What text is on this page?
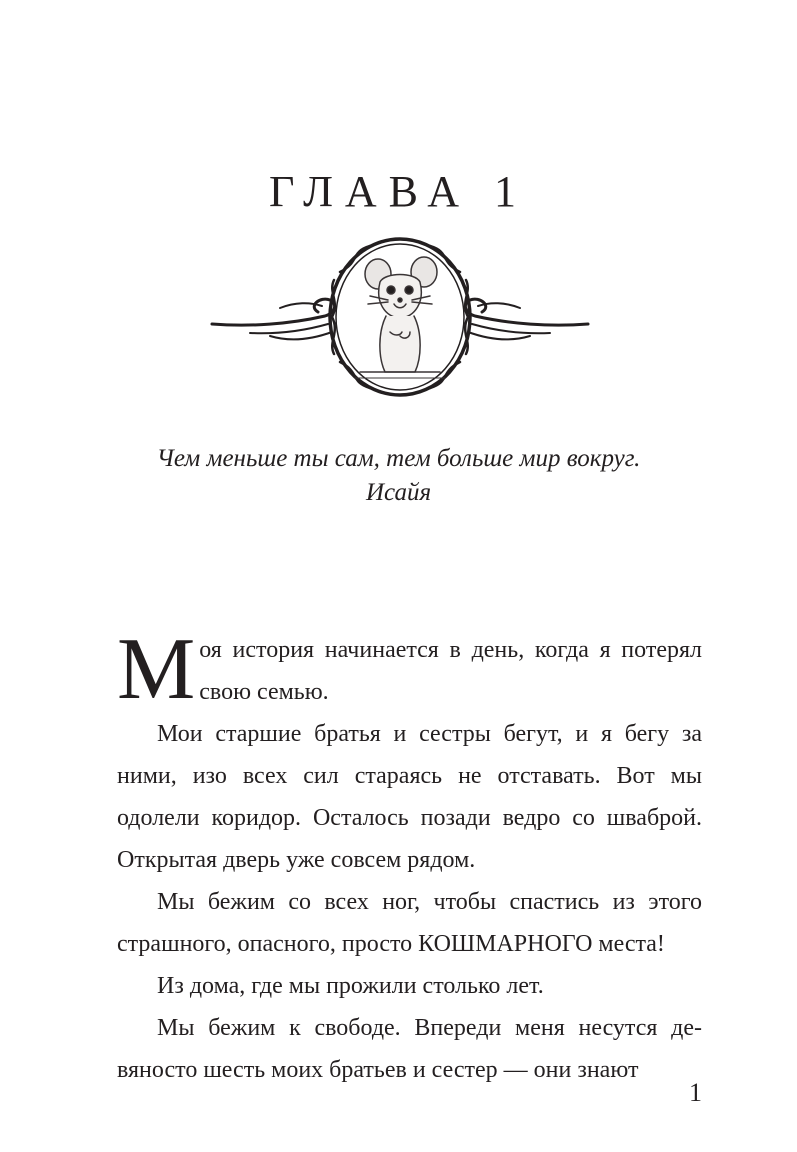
ГЛАВА 1
Чем меньше ты сам, тем больше мир вокруг.
Исайя

Моя история начинается в день, когда я потерял свою семью.

Мои старшие братья и сестры бегут, и я бегу за ними, изо всех сил стараясь не отставать. Вот мы одолели коридор. Осталось позади ведро со шваброй. Открытая дверь уже совсем рядом.

Мы бежим со всех ног, чтобы спастись из этого страшного, опасного, просто КОШМАРНОГО места!

Из дома, где мы прожили столько лет.

Мы бежим к свободе. Впереди меня несутся девяносто шесть моих братьев и сестер — они знают

1
